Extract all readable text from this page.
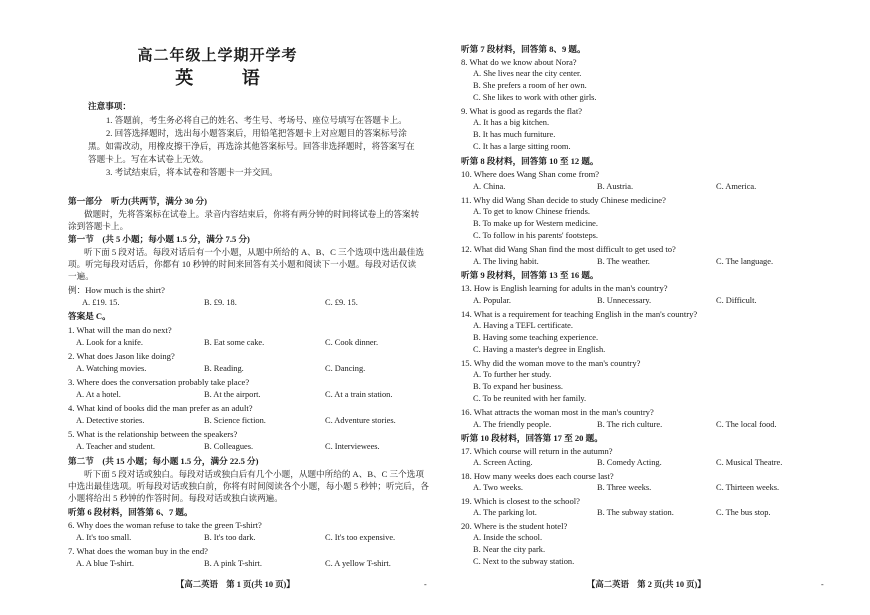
高二年级上学期开学考
英 语
注意事项：
1. 答题前，考生务必将自己的姓名、考生号、考场号、座位号填写在答题卡上。
2. 回答选择题时，选出每小题答案后，用铅笔把答题卡上对应题目的答案标号涂
黑。如需改动，用橡皮擦干净后，再选涂其他答案标号。回答非选择题时，将答案写在
答题卡上。写在本试卷上无效。
3. 考试结束后，将本试卷和答题卡一并交回。
第一部分　听力(共两节，满分 30 分)
做题时，先将答案标在试卷上。录音内容结束后，你将有两分钟的时间将试卷上的答案转
涂到答题卡上。
第一节　(共 5 小题；每小题 1.5 分，满分 7.5 分)
听下面 5 段对话。每段对话后有一个小题，从题中所给的 A、B、C 三个选项中选出最佳选
项。听完每段对话后，你都有 10 秒钟的时间来回答有关小题和阅读下一小题。每段对话仅读
一遍。
例：How much is the shirt?
A. £19. 15.	B. £9. 18.	C. £9. 15.
答案是 C。
1. What will the man do next?
A. Look for a knife.	B. Eat some cake.	C. Cook dinner.
2. What does Jason like doing?
A. Watching movies.	B. Reading.	C. Dancing.
3. Where does the conversation probably take place?
A. At a hotel.	B. At the airport.	C. At a train station.
4. What kind of books did the man prefer as an adult?
A. Detective stories.	B. Science fiction.	C. Adventure stories.
5. What is the relationship between the speakers?
A. Teacher and student.	B. Colleagues.	C. Interviewees.
第二节　(共 15 小题；每小题 1.5 分，满分 22.5 分)
听下面 5 段对话或独白。每段对话或独白后有几个小题，从题中所给的 A、B、C 三个选项
中选出最佳选项。听每段对话或独白前，你将有时间阅读各个小题，每小题 5 秒钟；听完后，各
小题将给出 5 秒钟的作答时间。每段对话或独白读两遍。
听第 6 段材料，回答第 6、7 题。
6. Why does the woman refuse to take the green T-shirt?
A. It's too small.	B. It's too dark.	C. It's too expensive.
7. What does the woman buy in the end?
A. A blue T-shirt.	B. A pink T-shirt.	C. A yellow T-shirt.
【高二英语　第 1 页(共 10 页)】	-
听第 7 段材料，回答第 8、9 题。
8. What do we know about Nora?
A. She lives near the city center.
B. She prefers a room of her own.
C. She likes to work with other girls.
9. What is good as regards the flat?
A. It has a big kitchen.
B. It has much furniture.
C. It has a large sitting room.
听第 8 段材料，回答第 10 至 12 题。
10. Where does Wang Shan come from?
A. China.	B. Austria.	C. America.
11. Why did Wang Shan decide to study Chinese medicine?
A. To get to know Chinese friends.
B. To make up for Western medicine.
C. To follow in his parents' footsteps.
12. What did Wang Shan find the most difficult to get used to?
A. The living habit.	B. The weather.	C. The language.
听第 9 段材料，回答第 13 至 16 题。
13. How is English learning for adults in the man's country?
A. Popular.	B. Unnecessary.	C. Difficult.
14. What is a requirement for teaching English in the man's country?
A. Having a TEFL certificate.
B. Having some teaching experience.
C. Having a master's degree in English.
15. Why did the woman move to the man's country?
A. To further her study.
B. To expand her business.
C. To be reunited with her family.
16. What attracts the woman most in the man's country?
A. The friendly people.	B. The rich culture.	C. The local food.
听第 10 段材料，回答第 17 至 20 题。
17. Which course will return in the autumn?
A. Screen Acting.	B. Comedy Acting.	C. Musical Theatre.
18. How many weeks does each course last?
A. Two weeks.	B. Three weeks.	C. Thirteen weeks.
19. Which is closest to the school?
A. The parking lot.	B. The subway station.	C. The bus stop.
20. Where is the student hotel?
A. Inside the school.
B. Near the city park.
C. Next to the subway station.
【高二英语　第 2 页(共 10 页)】	-
